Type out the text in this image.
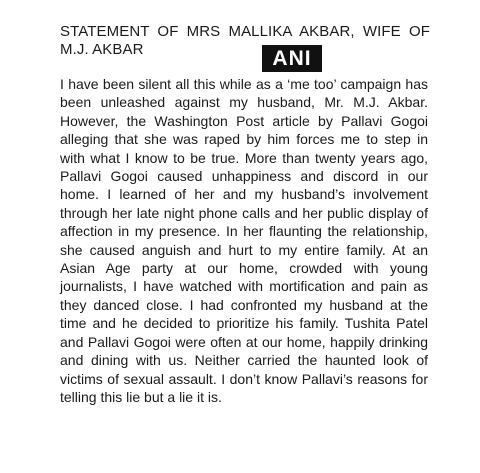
STATEMENT OF MRS MALLIKA AKBAR, WIFE OF M.J. AKBAR	ANI

I have been silent all this while as a ‘me too’ campaign has been unleashed against my husband, Mr. M.J. Akbar. However, the Washington Post article by Pallavi Gogoi alleging that she was raped by him forces me to step in with what I know to be true. More than twenty years ago, Pallavi Gogoi caused unhappiness and discord in our home. I learned of her and my husband’s involvement through her late night phone calls and her public display of affection in my presence. In her flaunting the relationship, she caused anguish and hurt to my entire family. At an Asian Age party at our home, crowded with young journalists, I have watched with mortification and pain as they danced close. I had confronted my husband at the time and he decided to prioritize his family. Tushita Patel and Pallavi Gogoi were often at our home, happily drinking and dining with us. Neither carried the haunted look of victims of sexual assault. I don’t know Pallavi’s reasons for telling this lie but a lie it is.
